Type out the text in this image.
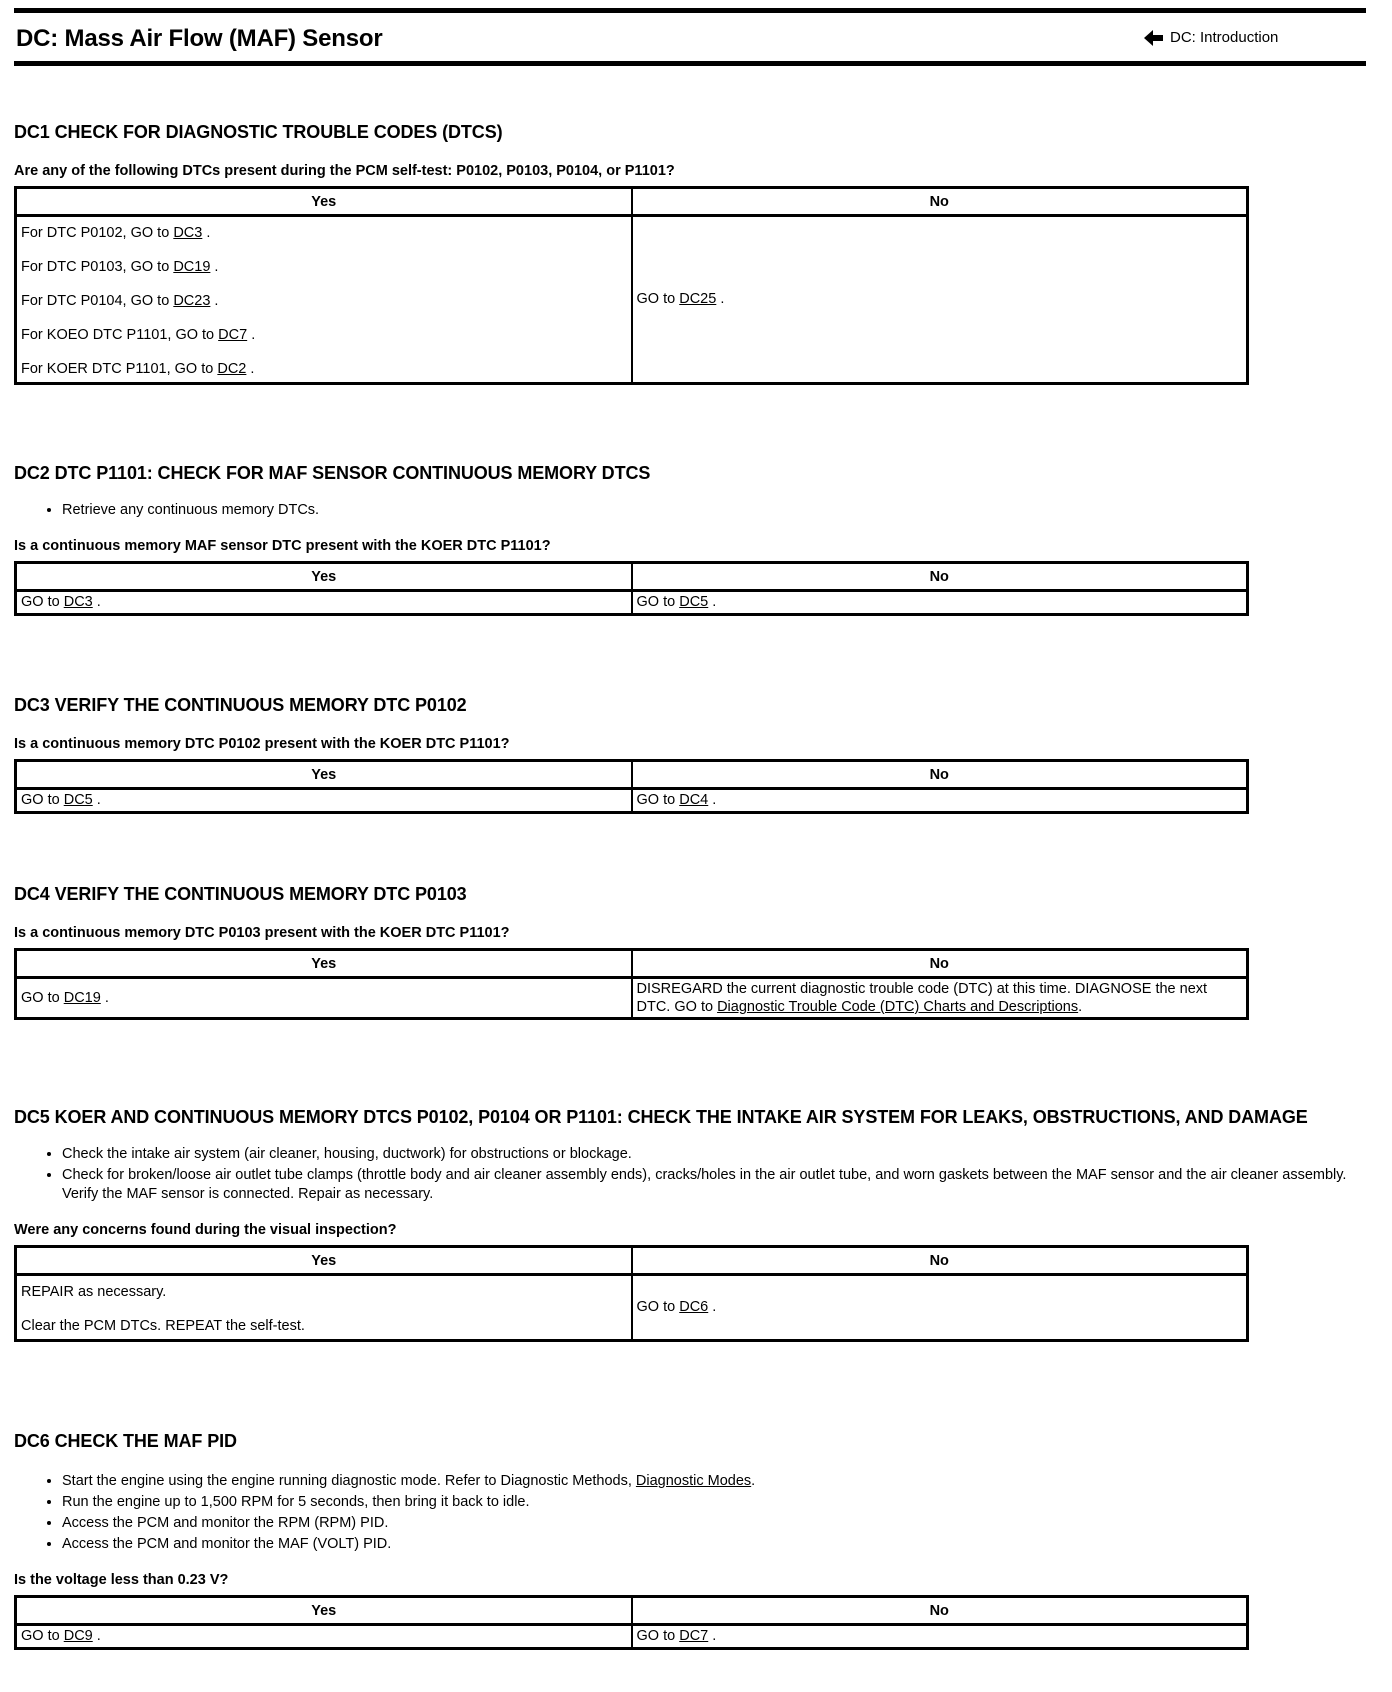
DC: Mass Air Flow (MAF) Sensor	DC: Introduction
DC1 CHECK FOR DIAGNOSTIC TROUBLE CODES (DTCS)

Are any of the following DTCs present during the PCM self-test: P0102, P0103, P0104, or P1101?

Yes	No

For DTC P0102, GO to DC3 .
For DTC P0103, GO to DC19 .
For DTC P0104, GO to DC23 .
For KOEO DTC P1101, GO to DC7 .
For KOER DTC P1101, GO to DC2 .	GO to DC25 .
DC2 DTC P1101: CHECK FOR MAF SENSOR CONTINUOUS MEMORY DTCS
• Retrieve any continuous memory DTCs.

Is a continuous memory MAF sensor DTC present with the KOER DTC P1101?

Yes	No
GO to DC3 .	GO to DC5 .
DC3 VERIFY THE CONTINUOUS MEMORY DTC P0102

Is a continuous memory DTC P0102 present with the KOER DTC P1101?

Yes	No
GO to DC5 .	GO to DC4 .
DC4 VERIFY THE CONTINUOUS MEMORY DTC P0103

Is a continuous memory DTC P0103 present with the KOER DTC P1101?

Yes	No
GO to DC19 .	DISREGARD the current diagnostic trouble code (DTC) at this time. DIAGNOSE the next DTC. GO to Diagnostic Trouble Code (DTC) Charts and Descriptions.
DC5 KOER AND CONTINUOUS MEMORY DTCS P0102, P0104 OR P1101: CHECK THE INTAKE AIR SYSTEM FOR LEAKS, OBSTRUCTIONS, AND DAMAGE
• Check the intake air system (air cleaner, housing, ductwork) for obstructions or blockage.
• Check for broken/loose air outlet tube clamps (throttle body and air cleaner assembly ends), cracks/holes in the air outlet tube, and worn gaskets between the MAF sensor and the air cleaner assembly. Verify the MAF sensor is connected. Repair as necessary.

Were any concerns found during the visual inspection?

Yes	No

REPAIR as necessary.
Clear the PCM DTCs. REPEAT the self-test.	GO to DC6 .
DC6 CHECK THE MAF PID
• Start the engine using the engine running diagnostic mode. Refer to Diagnostic Methods, Diagnostic Modes.
• Run the engine up to 1,500 RPM for 5 seconds, then bring it back to idle.
• Access the PCM and monitor the RPM (RPM) PID.
• Access the PCM and monitor the MAF (VOLT) PID.

Is the voltage less than 0.23 V?

Yes	No
GO to DC9 .	GO to DC7 .
